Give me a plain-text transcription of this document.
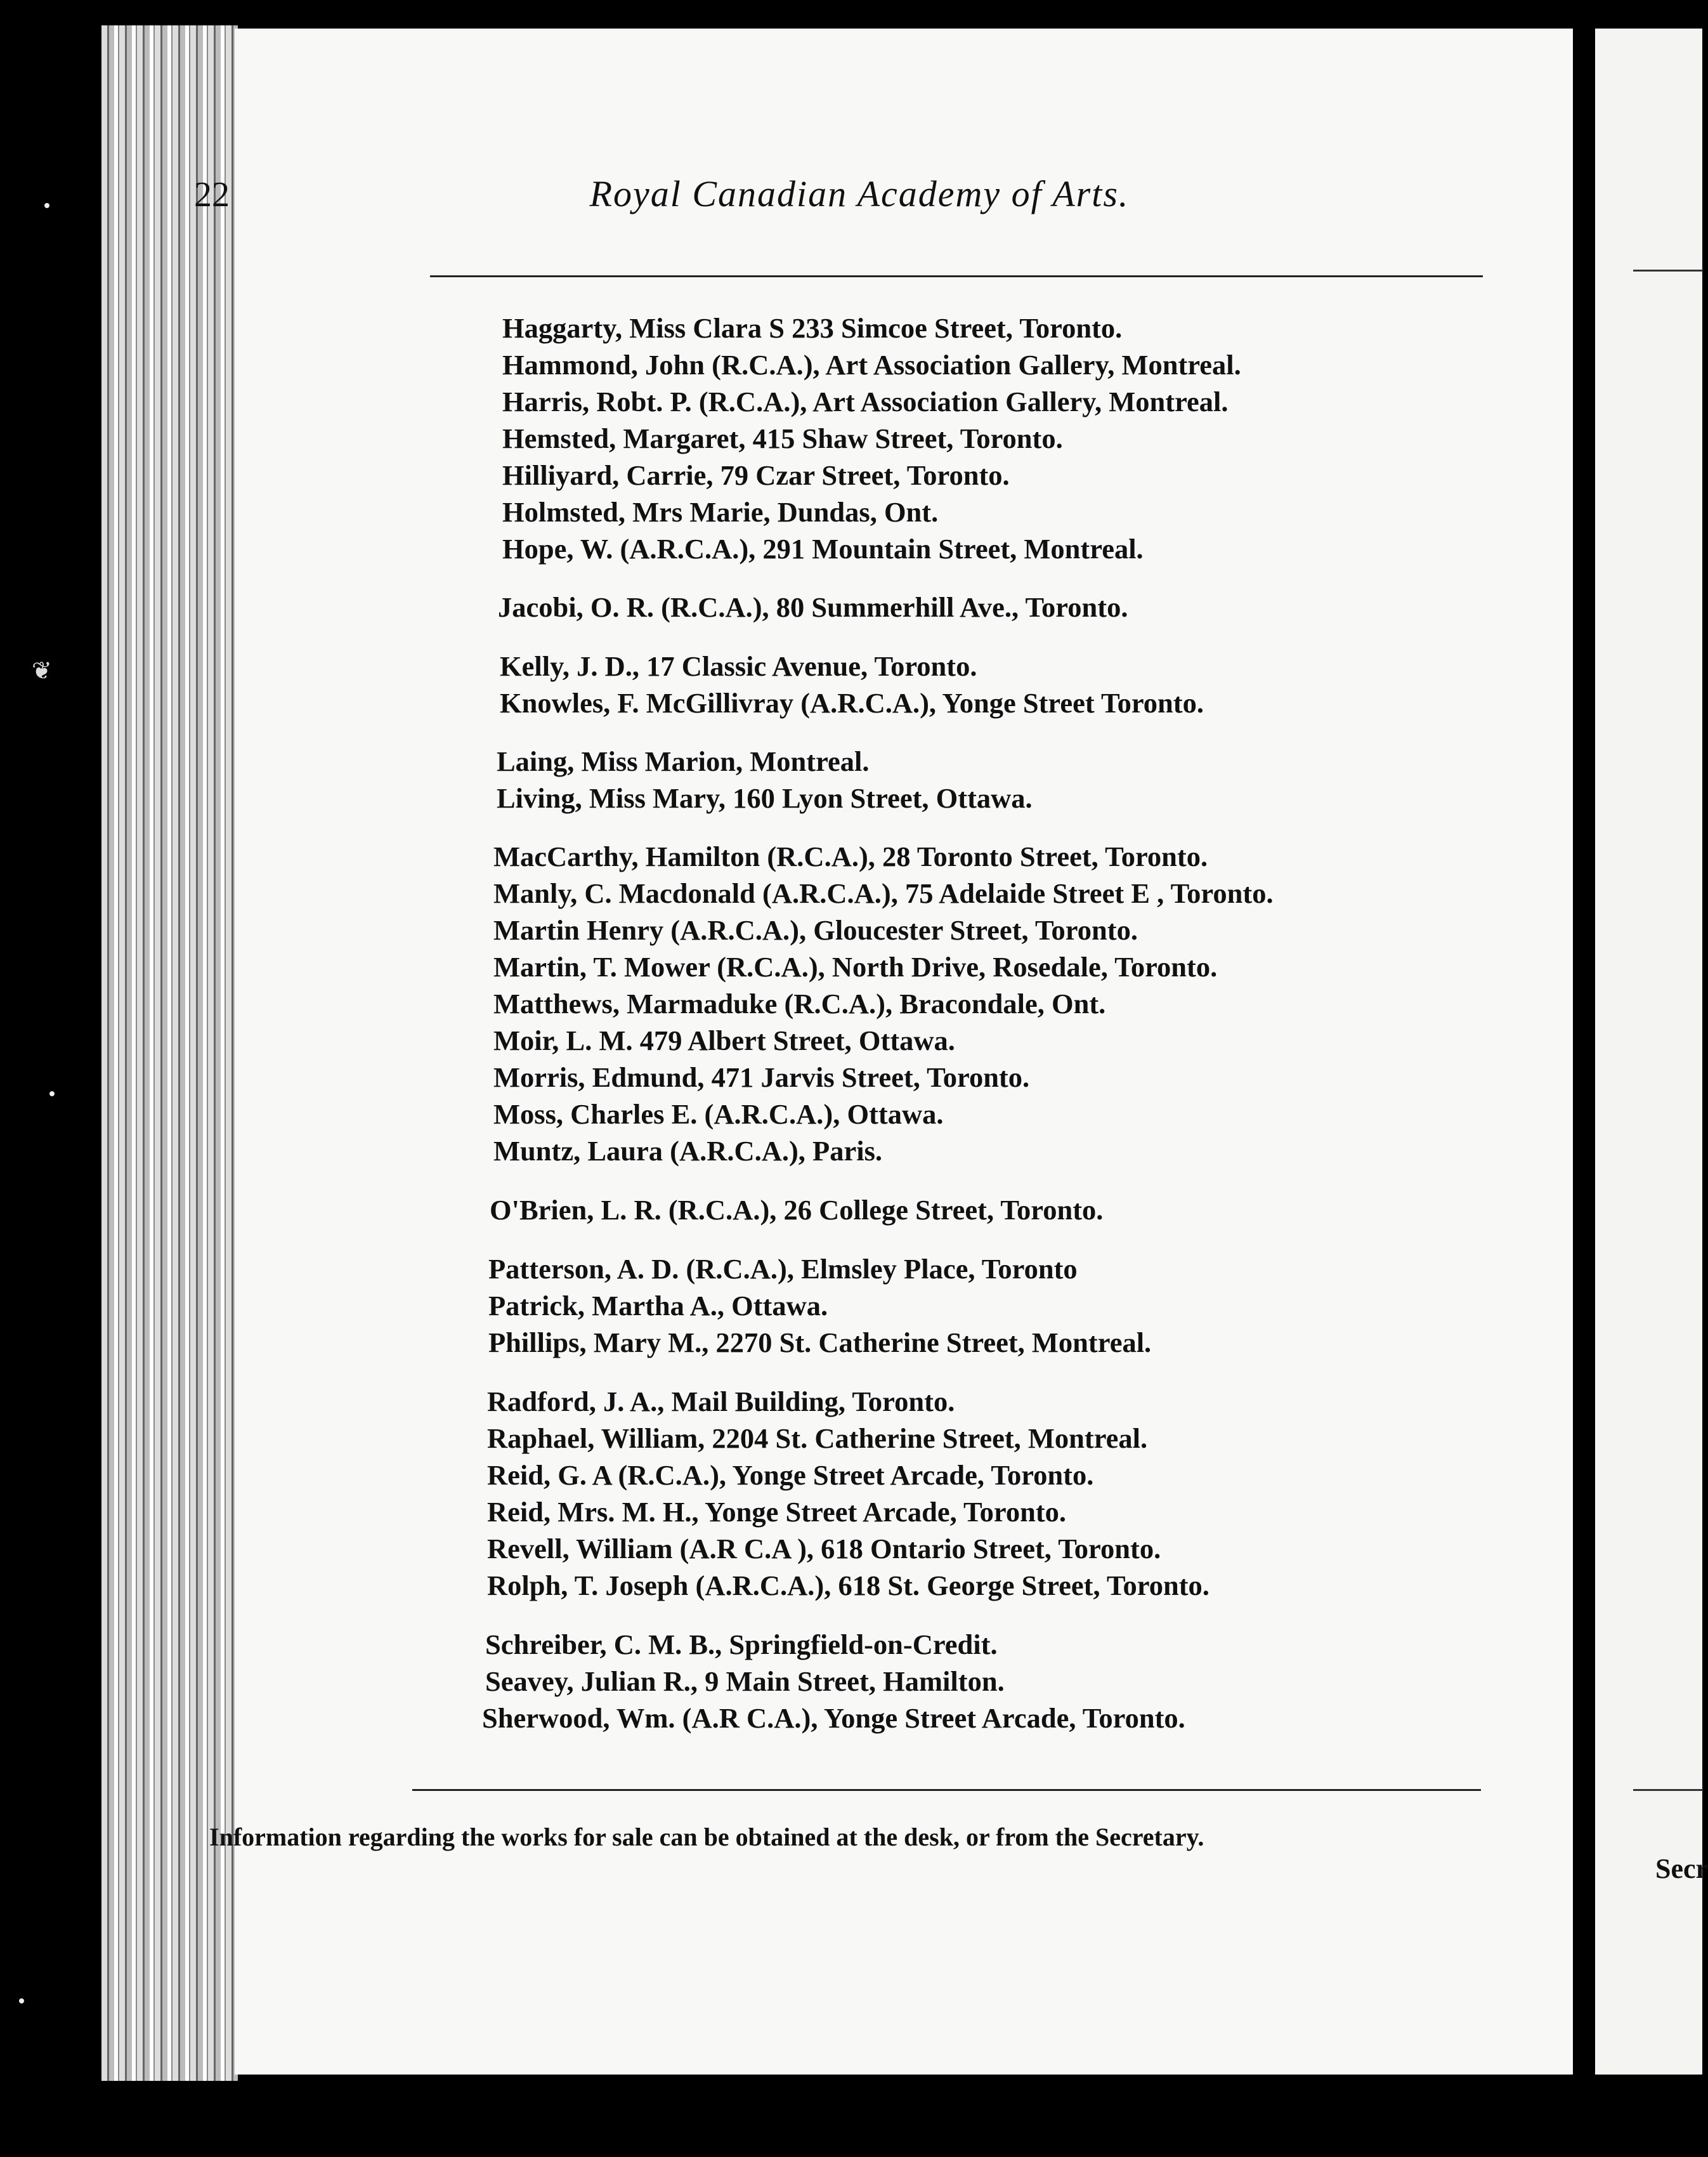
❦
Secr
22	Royal Canadian Academy of Arts.
Haggarty, Miss Clara S 233 Simcoe Street, Toronto.
Hammond, John (R.C.A.), Art Association Gallery, Montreal.
Harris, Robt. P. (R.C.A.), Art Association Gallery, Montreal.
Hemsted, Margaret, 415 Shaw Street, Toronto.
Hilliyard, Carrie, 79 Czar Street, Toronto.
Holmsted, Mrs Marie, Dundas, Ont.
Hope, W. (A.R.C.A.), 291 Mountain Street, Montreal.
Jacobi, O. R. (R.C.A.), 80 Summerhill Ave., Toronto.
Kelly, J. D., 17 Classic Avenue, Toronto.
Knowles, F. McGillivray (A.R.C.A.), Yonge Street Toronto.
Laing, Miss Marion, Montreal.
Living, Miss Mary, 160 Lyon Street, Ottawa.
MacCarthy, Hamilton (R.C.A.), 28 Toronto Street, Toronto.
Manly, C. Macdonald (A.R.C.A.), 75 Adelaide Street E , Toronto.
Martin Henry (A.R.C.A.), Gloucester Street, Toronto.
Martin, T. Mower (R.C.A.), North Drive, Rosedale, Toronto.
Matthews, Marmaduke (R.C.A.), Bracondale, Ont.
Moir, L. M. 479 Albert Street, Ottawa.
Morris, Edmund, 471 Jarvis Street, Toronto.
Moss, Charles E. (A.R.C.A.), Ottawa.
Muntz, Laura (A.R.C.A.), Paris.
O'Brien, L. R. (R.C.A.), 26 College Street, Toronto.
Patterson, A. D. (R.C.A.), Elmsley Place, Toronto
Patrick, Martha A., Ottawa.
Phillips, Mary M., 2270 St. Catherine Street, Montreal.
Radford, J. A., Mail Building, Toronto.
Raphael, William, 2204 St. Catherine Street, Montreal.
Reid, G. A (R.C.A.), Yonge Street Arcade, Toronto.
Reid, Mrs. M. H., Yonge Street Arcade, Toronto.
Revell, William (A.R C.A ), 618 Ontario Street, Toronto.
Rolph, T. Joseph (A.R.C.A.), 618 St. George Street, Toronto.
Schreiber, C. M. B., Springfield-on-Credit.
Seavey, Julian R., 9 Main Street, Hamilton.
Sherwood, Wm. (A.R C.A.), Yonge Street Arcade, Toronto.
Information regarding the works for sale can be obtained at the desk, or from the Secretary.
